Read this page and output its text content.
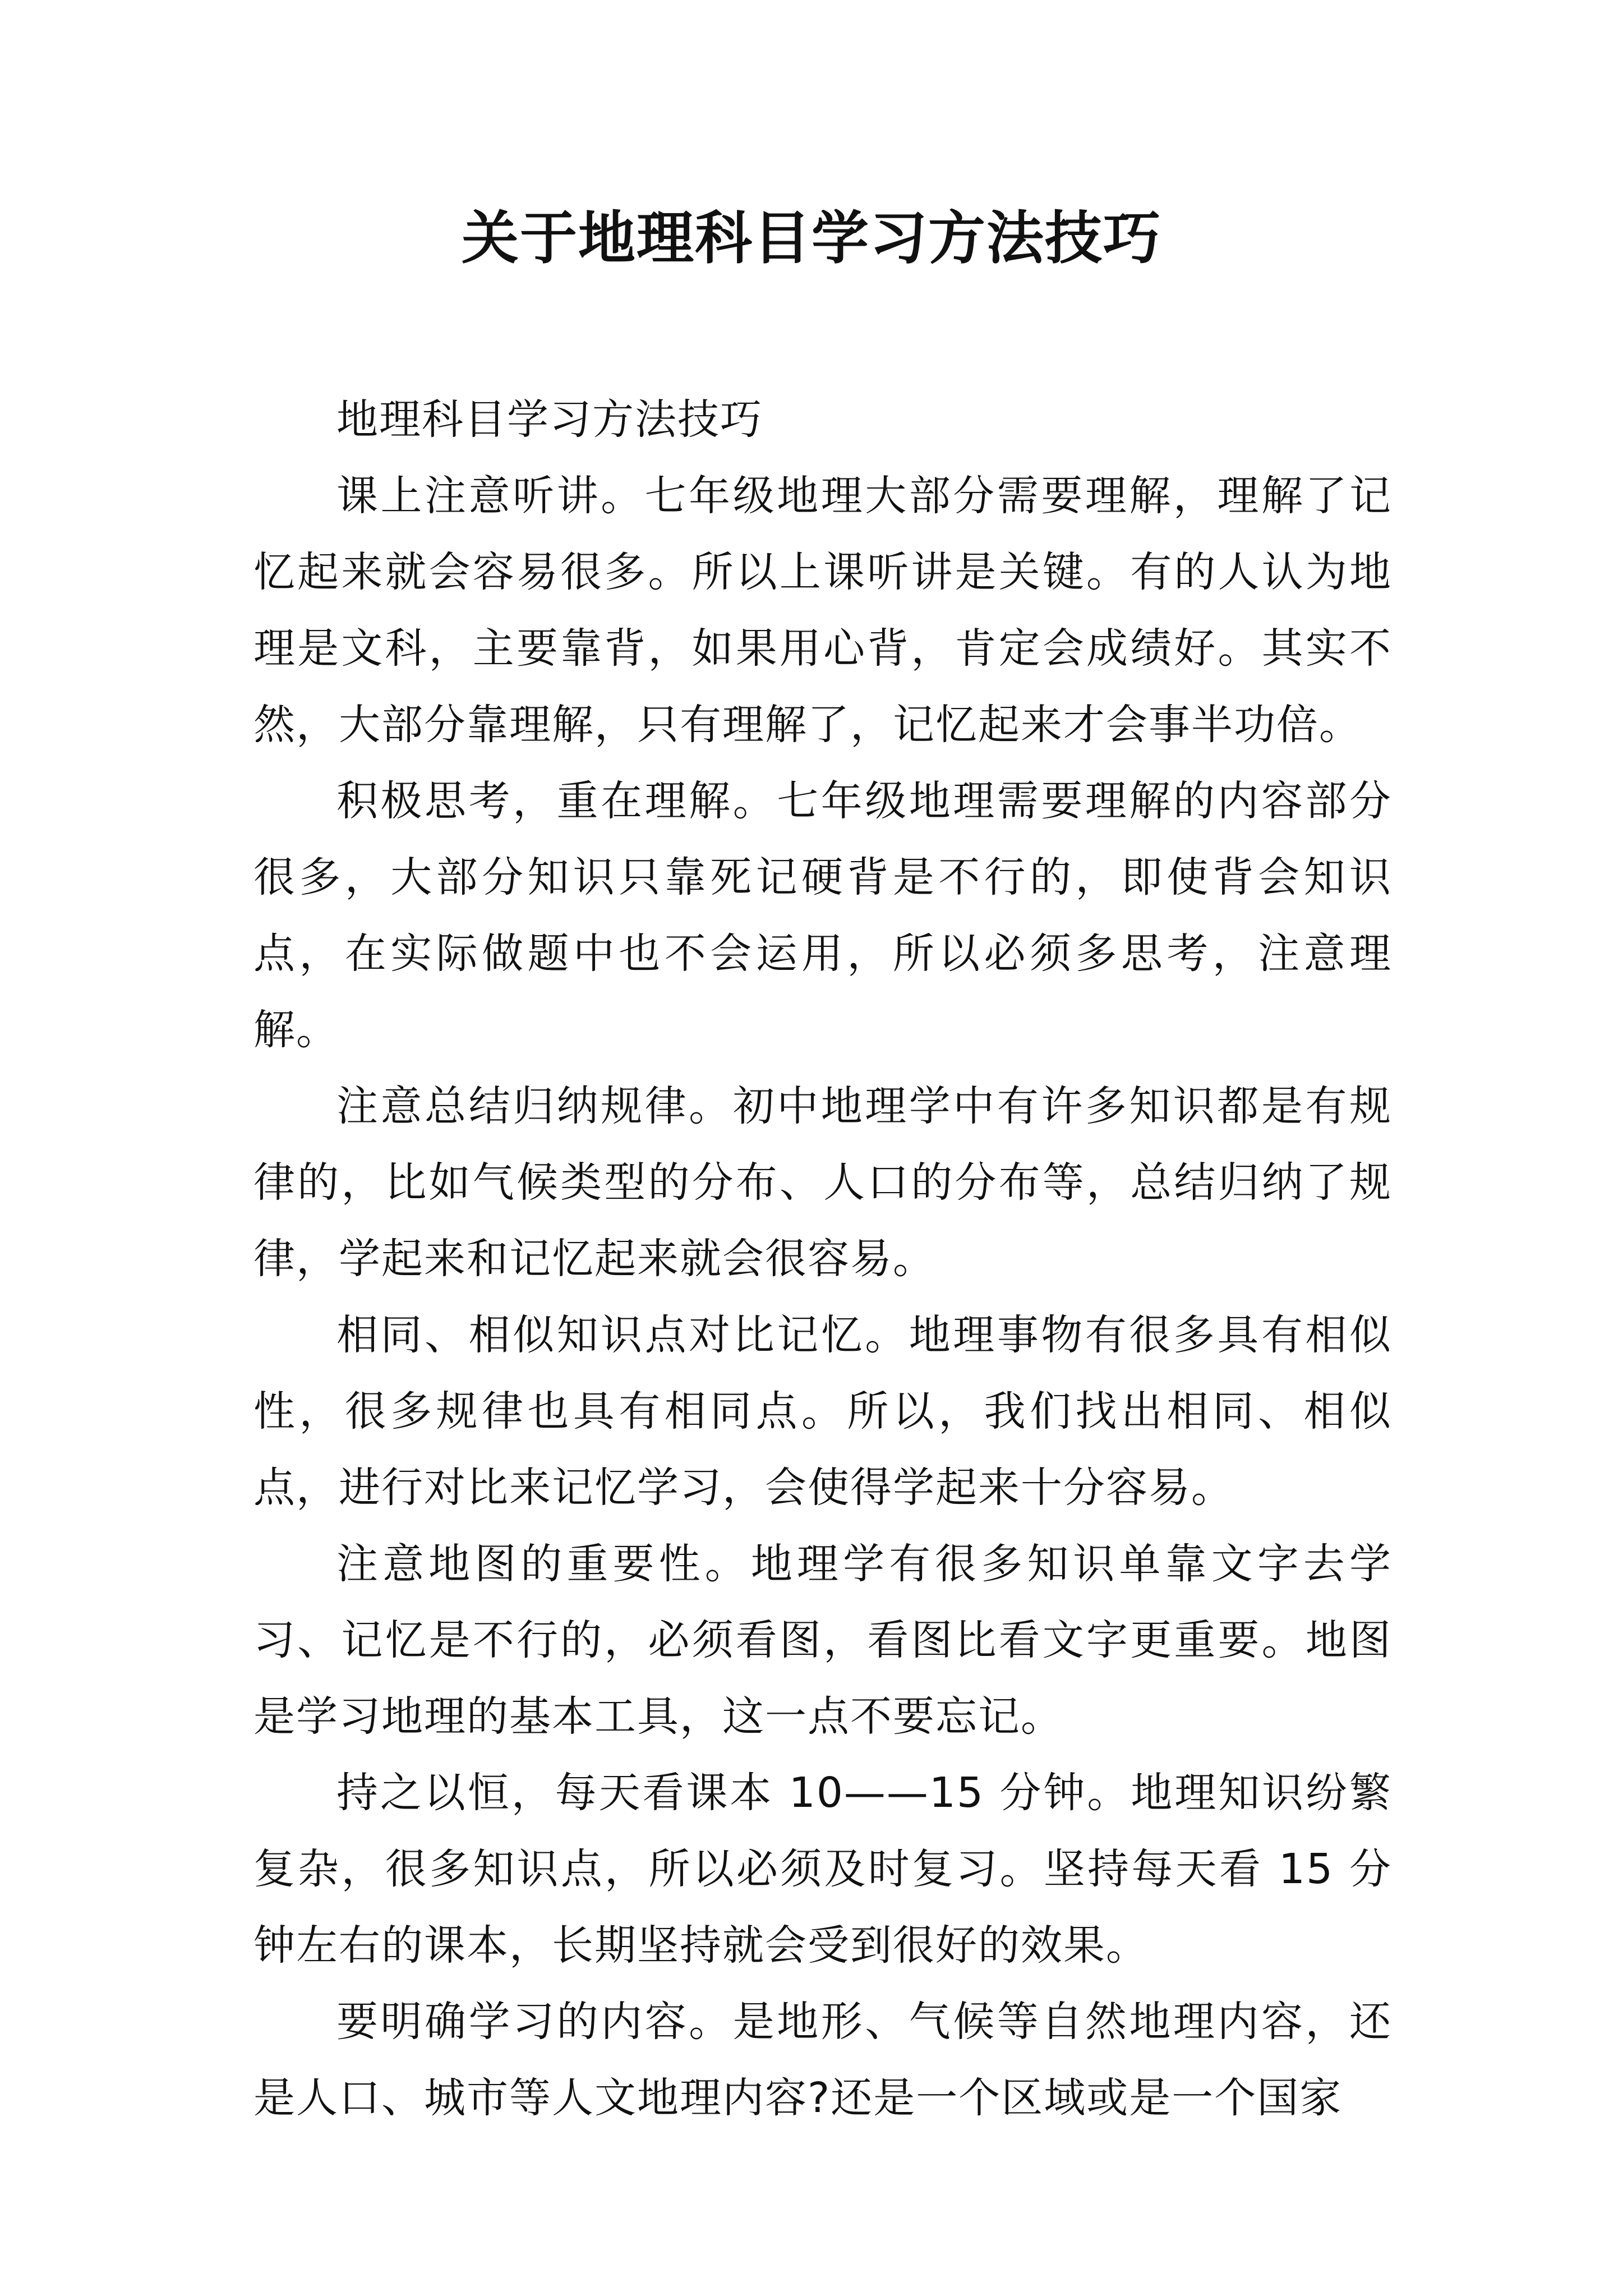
关于地理科目学习方法技巧

地理科目学习方法技巧

课上注意听讲。七年级地理大部分需要理解，理解了记忆起来就会容易很多。所以上课听讲是关键。有的人认为地理是文科，主要靠背，如果用心背，肯定会成绩好。其实不然，大部分靠理解，只有理解了，记忆起来才会事半功倍。

积极思考，重在理解。七年级地理需要理解的内容部分很多，大部分知识只靠死记硬背是不行的，即使背会知识点，在实际做题中也不会运用，所以必须多思考，注意理解。

注意总结归纳规律。初中地理学中有许多知识都是有规律的，比如气候类型的分布、人口的分布等，总结归纳了规律，学起来和记忆起来就会很容易。

相同、相似知识点对比记忆。地理事物有很多具有相似性，很多规律也具有相同点。所以，我们找出相同、相似点，进行对比来记忆学习，会使得学起来十分容易。

注意地图的重要性。地理学有很多知识单靠文字去学习、记忆是不行的，必须看图，看图比看文字更重要。地图是学习地理的基本工具，这一点不要忘记。

持之以恒，每天看课本 10——15 分钟。地理知识纷繁复杂，很多知识点，所以必须及时复习。坚持每天看 15 分钟左右的课本，长期坚持就会受到很好的效果。

要明确学习的内容。是地形、气候等自然地理内容，还是人口、城市等人文地理内容?还是一个区域或是一个国家
